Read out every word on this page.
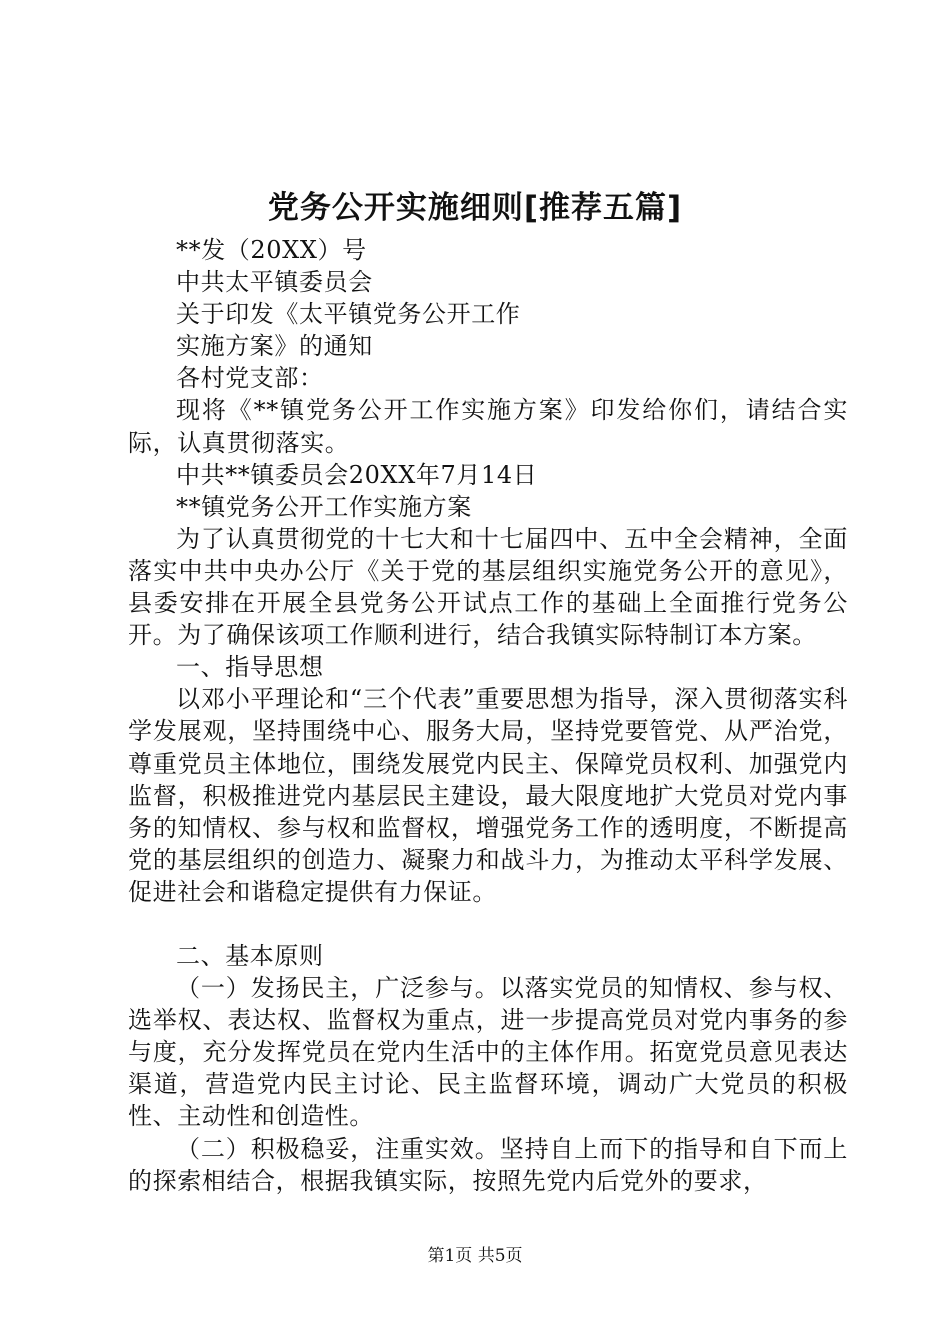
党务公开实施细则[推荐五篇]

**发（20XX）号

中共太平镇委员会

关于印发《太平镇党务公开工作

实施方案》的通知

各村党支部：

现将《**镇党务公开工作实施方案》印发给你们，请结合实际，认真贯彻落实。

中共**镇委员会20XX年7月14日

**镇党务公开工作实施方案

为了认真贯彻党的十七大和十七届四中、五中全会精神，全面落实中共中央办公厅《关于党的基层组织实施党务公开的意见》，县委安排在开展全县党务公开试点工作的基础上全面推行党务公开。为了确保该项工作顺利进行，结合我镇实际特制订本方案。

一、指导思想

以邓小平理论和“三个代表”重要思想为指导，深入贯彻落实科学发展观，坚持围绕中心、服务大局，坚持党要管党、从严治党，尊重党员主体地位，围绕发展党内民主、保障党员权利、加强党内监督，积极推进党内基层民主建设，最大限度地扩大党员对党内事务的知情权、参与权和监督权，增强党务工作的透明度，不断提高党的基层组织的创造力、凝聚力和战斗力，为推动太平科学发展、促进社会和谐稳定提供有力保证。

二、基本原则

（一）发扬民主，广泛参与。以落实党员的知情权、参与权、选举权、表达权、监督权为重点，进一步提高党员对党内事务的参与度，充分发挥党员在党内生活中的主体作用。拓宽党员意见表达渠道，营造党内民主讨论、民主监督环境，调动广大党员的积极性、主动性和创造性。

（二）积极稳妥，注重实效。坚持自上而下的指导和自下而上的探索相结合，根据我镇实际，按照先党内后党外的要求，

第1页 共5页
